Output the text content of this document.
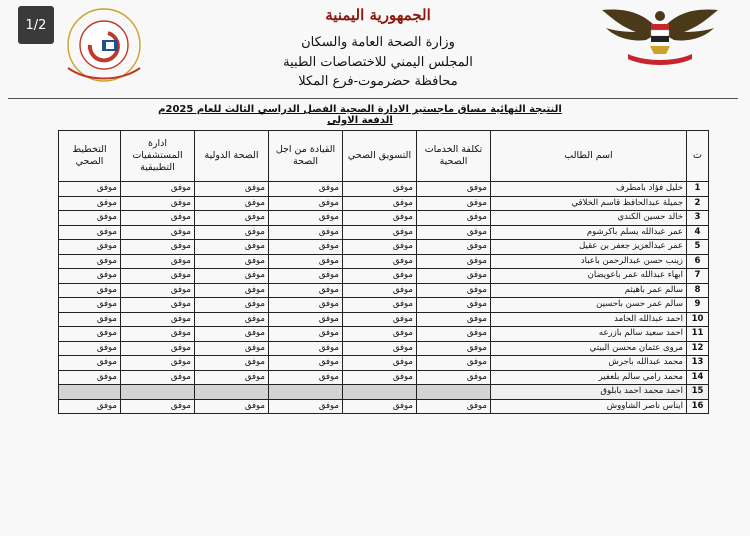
1/2
الجمهورية اليمنية
وزارة الصحة العامة والسكان
المجلس اليمني للاختصاصات الطبية
محافظة حضرموت-فرع المكلا
النتيجة النهائية مساق ماجستير الادارة الصحية الفصل الدراسي الثالث للعام 2025م الدفعة الاولى
ت	اسم الطالب	تكلفة الخدمات الصحية	التسويق الصحي	القيادة من اجل الصحة	الصحة الدولية	ادارة المستشفيات التطبيقية	التخطيط الصحي
1	خليل فؤاد بامطرف	موفق	موفق	موفق	موفق	موفق	موفق
2	جميلة عبدالحافظ قاسم الخلاقي	موفق	موفق	موفق	موفق	موفق	موفق
3	خالد حسين الكندي	موفق	موفق	موفق	موفق	موفق	موفق
4	عمر عبدالله يسلم باكرشوم	موفق	موفق	موفق	موفق	موفق	موفق
5	عمر عبدالعزيز جعفر بن عقيل	موفق	موفق	موفق	موفق	موفق	موفق
6	زينب حسن عبدالرحمن باعباد	موفق	موفق	موفق	موفق	موفق	موفق
7	ابهاء عبدالله عمر باعويضان	موفق	موفق	موفق	موفق	موفق	موفق
8	سالم عمر باهيثم	موفق	موفق	موفق	موفق	موفق	موفق
9	سالم عمر حسن باحسين	موفق	موفق	موفق	موفق	موفق	موفق
10	احمد عبدالله الحامد	موفق	موفق	موفق	موفق	موفق	موفق
11	احمد سعيد سالم بازرعه	موفق	موفق	موفق	موفق	موفق	موفق
12	مروى عثمان محسن البيتي	موفق	موفق	موفق	موفق	موفق	موفق
13	محمد عبدالله باجرش	موفق	موفق	موفق	موفق	موفق	موفق
14	محمد رامي سالم بلعفير	موفق	موفق	موفق	موفق	موفق	موفق
15	احمد محمد احمد بابلوق						
16	ايناس ناصر الشاووش	موفق	موفق	موفق	موفق	موفق	موفق
